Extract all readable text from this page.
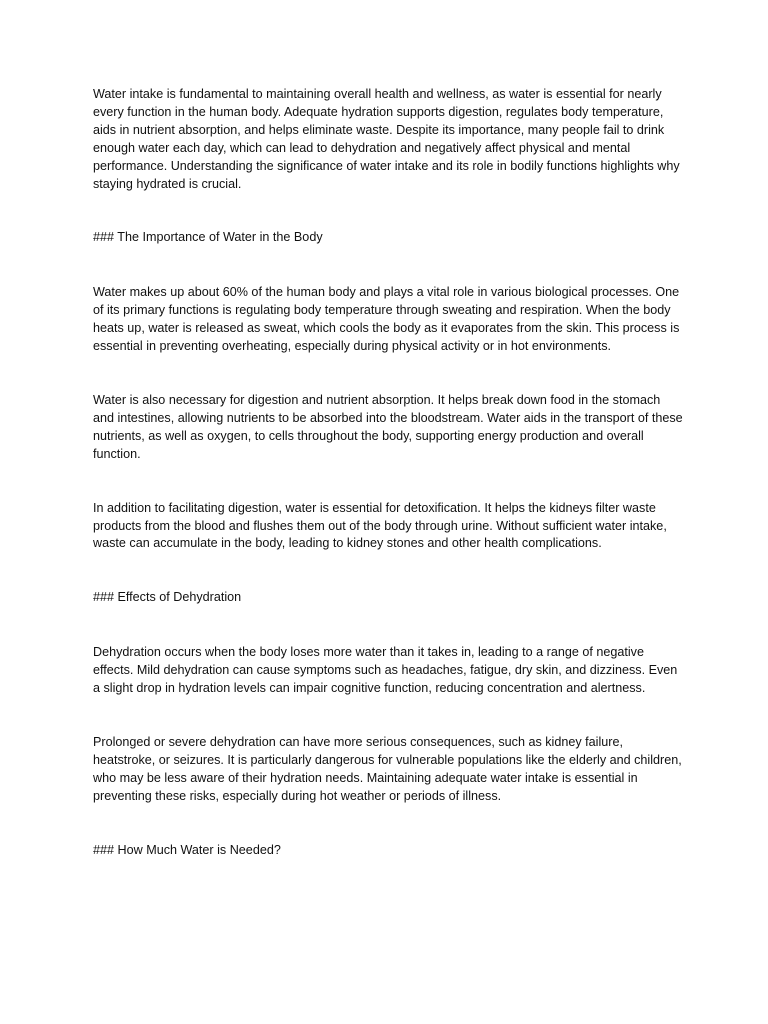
Water intake is fundamental to maintaining overall health and wellness, as water is essential for nearly every function in the human body. Adequate hydration supports digestion, regulates body temperature, aids in nutrient absorption, and helps eliminate waste. Despite its importance, many people fail to drink enough water each day, which can lead to dehydration and negatively affect physical and mental performance. Understanding the significance of water intake and its role in bodily functions highlights why staying hydrated is crucial.

### The Importance of Water in the Body

Water makes up about 60% of the human body and plays a vital role in various biological processes. One of its primary functions is regulating body temperature through sweating and respiration. When the body heats up, water is released as sweat, which cools the body as it evaporates from the skin. This process is essential in preventing overheating, especially during physical activity or in hot environments.

Water is also necessary for digestion and nutrient absorption. It helps break down food in the stomach and intestines, allowing nutrients to be absorbed into the bloodstream. Water aids in the transport of these nutrients, as well as oxygen, to cells throughout the body, supporting energy production and overall function.

In addition to facilitating digestion, water is essential for detoxification. It helps the kidneys filter waste products from the blood and flushes them out of the body through urine. Without sufficient water intake, waste can accumulate in the body, leading to kidney stones and other health complications.

### Effects of Dehydration

Dehydration occurs when the body loses more water than it takes in, leading to a range of negative effects. Mild dehydration can cause symptoms such as headaches, fatigue, dry skin, and dizziness. Even a slight drop in hydration levels can impair cognitive function, reducing concentration and alertness.

Prolonged or severe dehydration can have more serious consequences, such as kidney failure, heatstroke, or seizures. It is particularly dangerous for vulnerable populations like the elderly and children, who may be less aware of their hydration needs. Maintaining adequate water intake is essential in preventing these risks, especially during hot weather or periods of illness.

### How Much Water is Needed?
